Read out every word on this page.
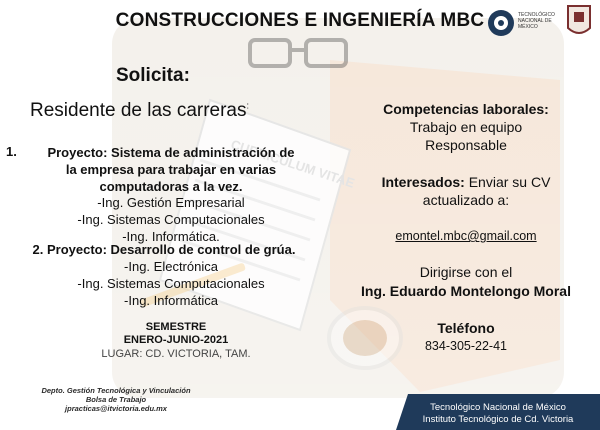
CONSTRUCCIONES E INGENIERÍA MBC	TECNOLÓGICO NACIONAL DE MÉXICO
Solicita:
Residente de las carreras:
1.	Proyecto: Sistema de administración de
la empresa para trabajar en varias
computadoras a la vez.
-Ing. Gestión Empresarial
-Ing. Sistemas Computacionales
-Ing. Informática.
2. Proyecto: Desarrollo de control de grúa.
-Ing. Electrónica
-Ing. Sistemas Computacionales
-Ing. Informática
SEMESTRE
ENERO-JUNIO-2021
LUGAR: CD. VICTORIA, TAM.
Competencias laborales:
Trabajo en equipo
Responsable
Interesados: Enviar su CV
actualizado a:
emontel.mbc@gmail.com
Dirigirse con el
Ing. Eduardo Montelongo Moral
Teléfono
834-305-22-41
Depto. Gestión Tecnológica y Vinculación
Bolsa de Trabajo
jpracticas@itvictoria.edu.mx	Tecnológico Nacional de México
Instituto Tecnológico de Cd. Victoria
